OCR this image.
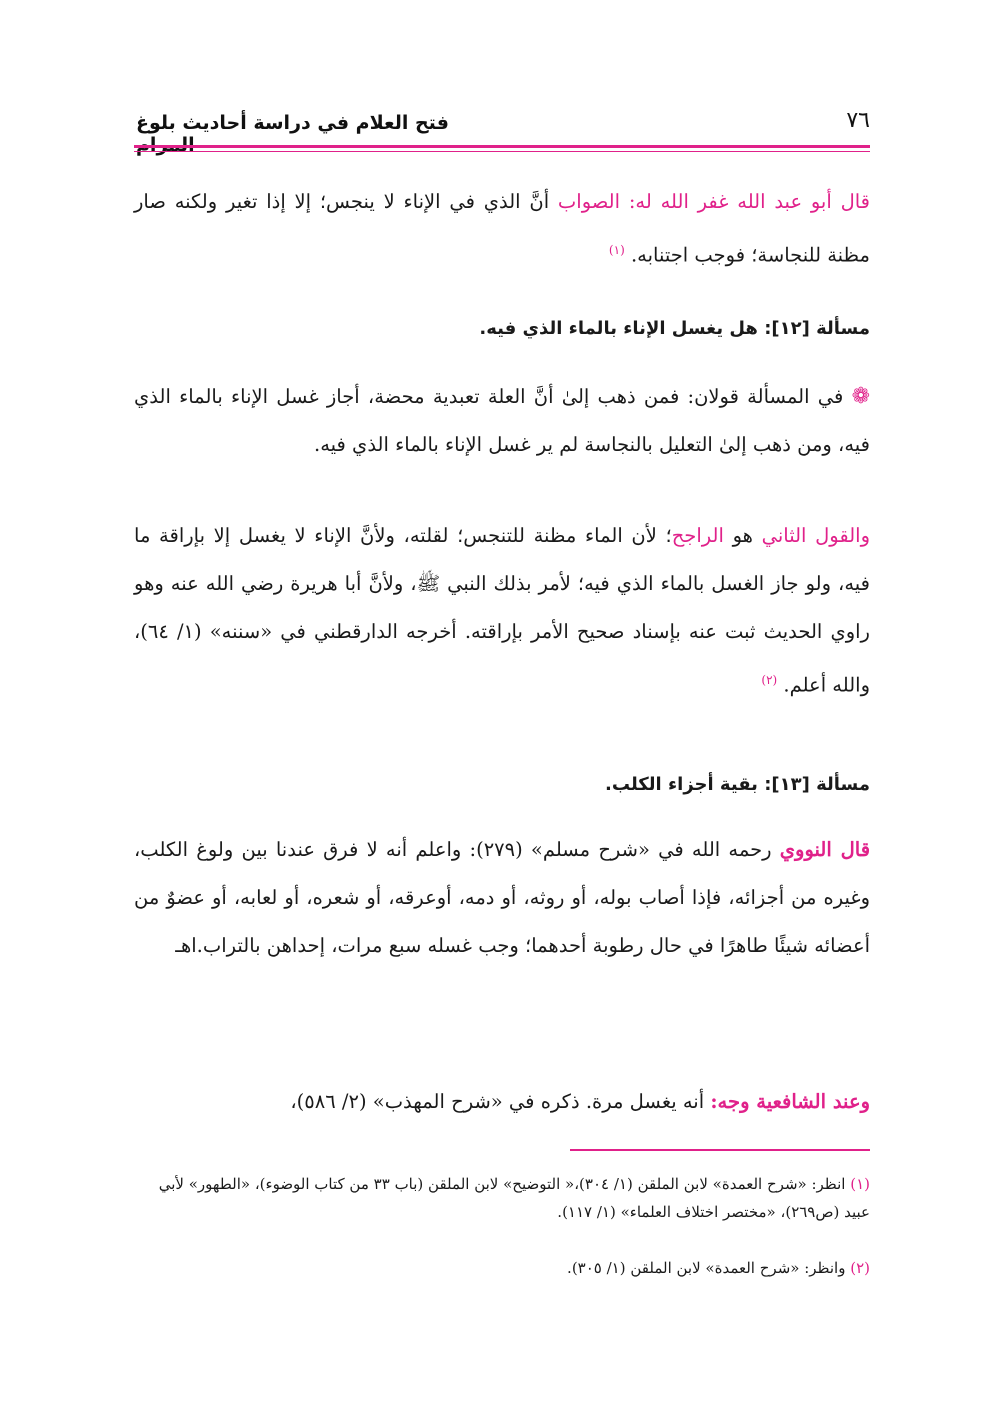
٧٦
فتح العلام في دراسة أحاديث بلوغ

قال أبو عبد الله غفر الله له: الصواب أنَّ الذي في الإناء لا ينجس؛ إلا إذا تغير ولكنه صار مظنة للنجاسة؛ فوجب اجتنابه. $^{(١)}$

مسألة [١٢]: هل يغسل الإناء بالماء الذي فيه.

❁ في المسألة قولان: فمن ذهب إلىٰ أنَّ العلة تعبدية محضة، أجاز غسل الإناء بالماء الذي فيه، ومن ذهب إلىٰ التعليل بالنجاسة لم ير غسل الإناء بالماء الذي فيه.

والقول الثاني هو الراجح؛ لأن الماء مظنة للتنجس؛ لقلته، ولأنَّ الإناء لا يغسل إلا بإراقة ما فيه، ولو جاز الغسل بالماء الذي فيه؛ لأمر بذلك النبي ﷺ، ولأنَّ أبا هريرة رضي الله عنه وهو راوي الحديث ثبت عنه بإسناد صحيح الأمر بإراقته. أخرجه الدارقطني في «سننه» (١/ ٦٤)، والله أعلم. $^{(٢)}$

مسألة [١٣]: بقية أجزاء الكلب.

قال النووي رحمه الله في «شرح مسلم» (٢٧٩): واعلم أنه لا فرق عندنا بين ولوغ الكلب، وغيره من أجزائه، فإذا أصاب بوله، أو روثه، أو دمه، أوعرقه، أو شعره، أو لعابه، أو عضوٌ من أعضائه شيئًا طاهرًا في حال رطوبة أحدهما؛ وجب غسله سبع مرات، إحداهن بالتراب.اهـ

وعند الشافعية وجه: أنه يغسل مرة. ذكره في «شرح المهذب» (٢/ ٥٨٦)،

(١) انظر: «شرح العمدة» لابن الملقن (١/ ٣٠٤)،« التوضيح» لابن الملقن (باب ٣٣ من كتاب الوضوء)، «الطهور» لأبي عبيد (ص٢٦٩)، «مختصر اختلاف العلماء» (١/ ١١٧).

(٢) وانظر: «شرح العمدة» لابن الملقن (١/ ٣٠٥).
